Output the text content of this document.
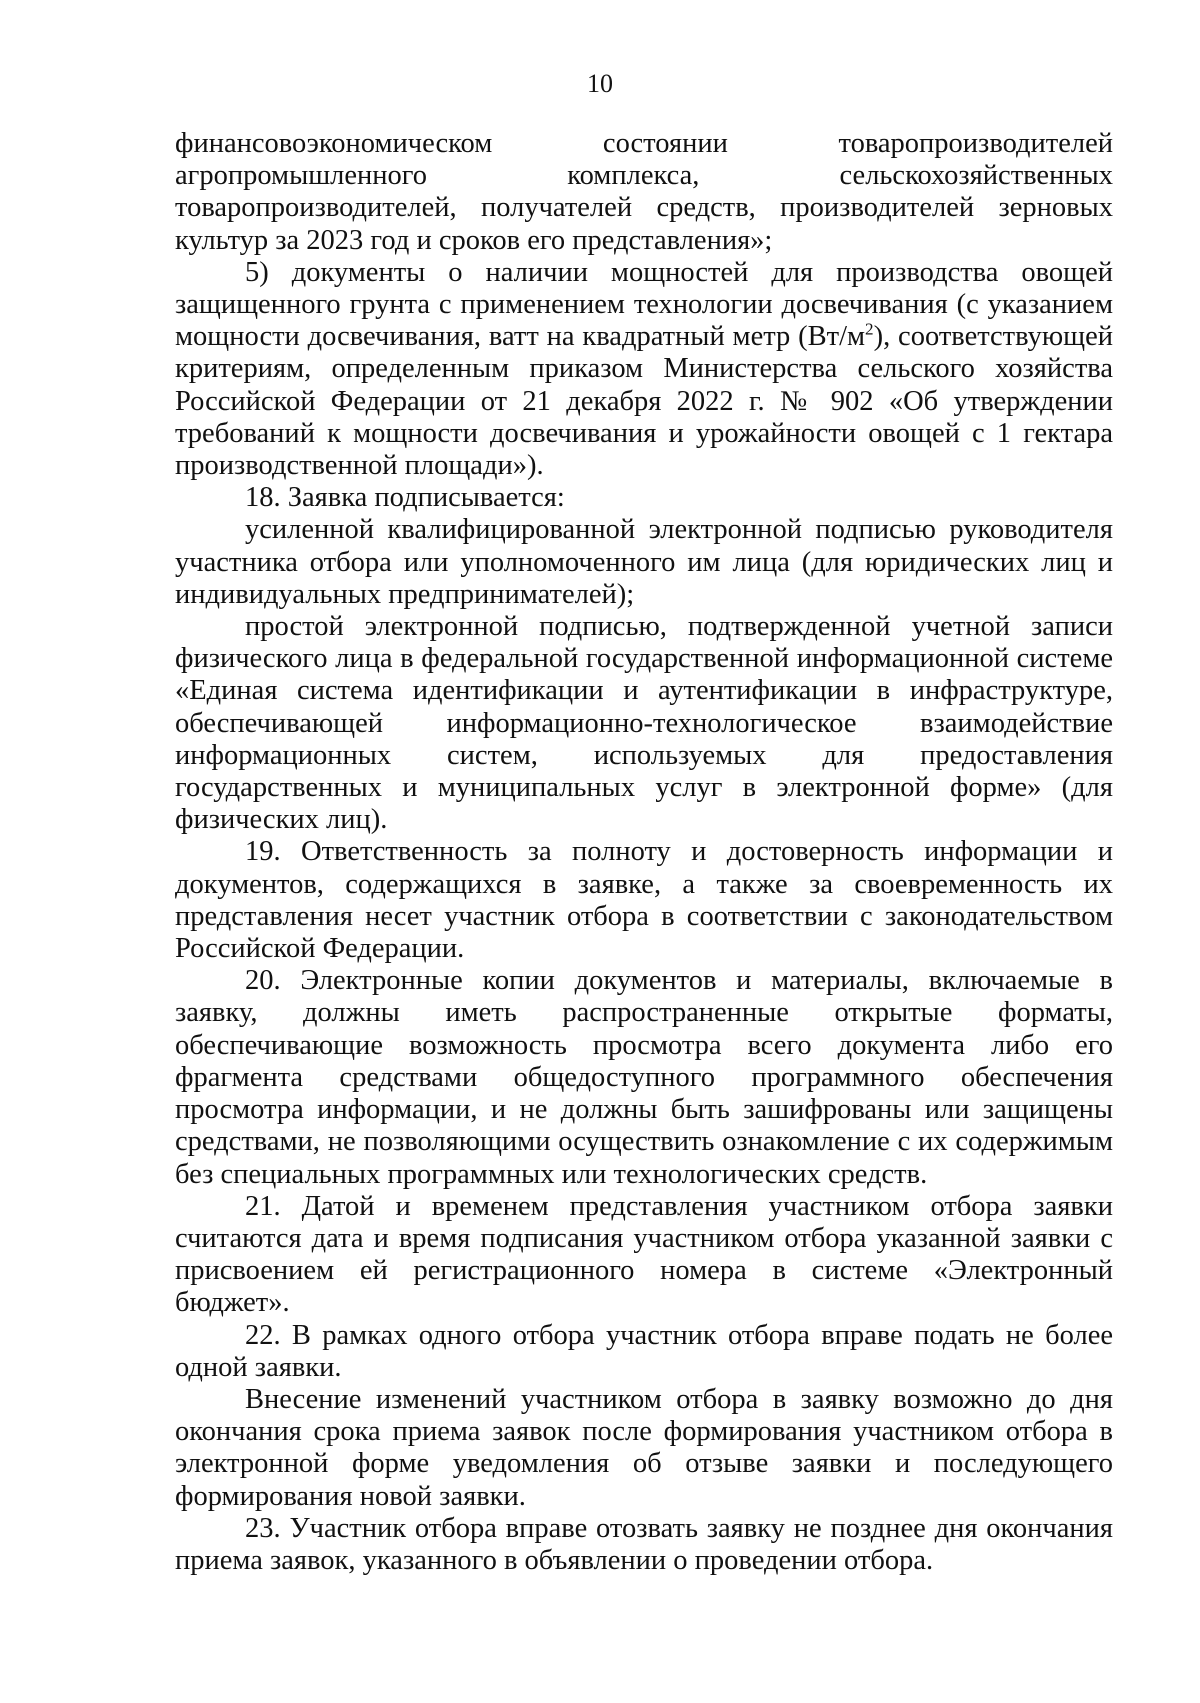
10

финансовоэкономическом состоянии товаропроизводителей
агропромышленного комплекса, сельскохозяйственных
товаропроизводителей, получателей средств, производителей зерновых культур за 2023 год и сроков его представления»;

5) документы о наличии мощностей для производства овощей защищенного грунта с применением технологии досвечивания (с указанием мощности досвечивания, ватт на квадратный метр $(Вт/м^2)$, соответствующей критериям, определенным приказом Министерства сельского хозяйства Российской Федерации от 21 декабря 2022 г. № 902 «Об утверждении требований к мощности досвечивания и урожайности овощей с 1 гектара производственной площади»).

18. Заявка подписывается:

усиленной квалифицированной электронной подписью руководителя участника отбора или уполномоченного им лица (для юридических лиц и индивидуальных предпринимателей);

простой электронной подписью, подтвержденной учетной записи физического лица в федеральной государственной информационной системе «Единая система идентификации и аутентификации в инфраструктуре, обеспечивающей информационно-технологическое взаимодействие информационных систем, используемых для предоставления государственных и муниципальных услуг в электронной форме» (для физических лиц).

19. Ответственность за полноту и достоверность информации и документов, содержащихся в заявке, а также за своевременность их представления несет участник отбора в соответствии с законодательством Российской Федерации.

20. Электронные копии документов и материалы, включаемые в заявку, должны иметь распространенные открытые форматы, обеспечивающие возможность просмотра всего документа либо его фрагмента средствами общедоступного программного обеспечения просмотра информации, и не должны быть зашифрованы или защищены средствами, не позволяющими осуществить ознакомление с их содержимым без специальных программных или технологических средств.

21. Датой и временем представления участником отбора заявки считаются дата и время подписания участником отбора указанной заявки с присвоением ей регистрационного номера в системе «Электронный бюджет».

22. В рамках одного отбора участник отбора вправе подать не более одной заявки.

Внесение изменений участником отбора в заявку возможно до дня окончания срока приема заявок после формирования участником отбора в электронной форме уведомления об отзыве заявки и последующего формирования новой заявки.

23. Участник отбора вправе отозвать заявку не позднее дня окончания приема заявок, указанного в объявлении о проведении отбора.
